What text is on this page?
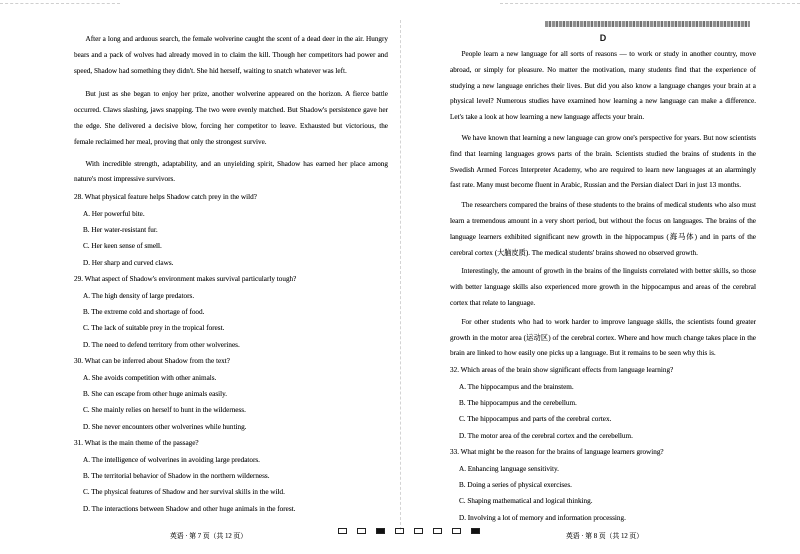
After a long and arduous search, the female wolverine caught the scent of a dead deer in the air. Hungry bears and a pack of wolves had already moved in to claim the kill. Though her competitors had power and speed, Shadow had something they didn't. She hid herself, waiting to snatch whatever was left.

But just as she began to enjoy her prize, another wolverine appeared on the horizon. A fierce battle occurred. Claws slashing, jaws snapping. The two were evenly matched. But Shadow's persistence gave her the edge. She delivered a decisive blow, forcing her competitor to leave. Exhausted but victorious, the female reclaimed her meal, proving that only the strongest survive.

With incredible strength, adaptability, and an unyielding spirit, Shadow has earned her place among nature's most impressive survivors.

28. What physical feature helps Shadow catch prey in the wild?

A. Her powerful bite.

B. Her water-resistant fur.

C. Her keen sense of smell.

D. Her sharp and curved claws.

29. What aspect of Shadow's environment makes survival particularly tough?

A. The high density of large predators.

B. The extreme cold and shortage of food.

C. The lack of suitable prey in the tropical forest.

D. The need to defend territory from other wolverines.

30. What can be inferred about Shadow from the text?

A. She avoids competition with other animals.

B. She can escape from other huge animals easily.

C. She mainly relies on herself to hunt in the wilderness.

D. She never encounters other wolverines while hunting.

31. What is the main theme of the passage?

A. The intelligence of wolverines in avoiding large predators.

B. The territorial behavior of Shadow in the northern wilderness.

C. The physical features of Shadow and her survival skills in the wild.

D. The interactions between Shadow and other huge animals in the forest.

英语 · 第 7 页（共 12 页）

D

People learn a new language for all sorts of reasons — to work or study in another country, move abroad, or simply for pleasure. No matter the motivation, many students find that the experience of studying a new language enriches their lives. But did you also know a language changes your brain at a physical level? Numerous studies have examined how learning a new language can make a difference. Let's take a look at how learning a new language affects your brain.

We have known that learning a new language can grow one's perspective for years. But now scientists find that learning languages grows parts of the brain. Scientists studied the brains of students in the Swedish Armed Forces Interpreter Academy, who are required to learn new languages at an alarmingly fast rate. Many must become fluent in Arabic, Russian and the Persian dialect Dari in just 13 months.

The researchers compared the brains of these students to the brains of medical students who also must learn a tremendous amount in a very short period, but without the focus on languages. The brains of the language learners exhibited significant new growth in the hippocampus (海马体) and in parts of the cerebral cortex (大脑皮质). The medical students' brains showed no observed growth.

Interestingly, the amount of growth in the brains of the linguists correlated with better skills, so those with better language skills also experienced more growth in the hippocampus and areas of the cerebral cortex that relate to language.

For other students who had to work harder to improve language skills, the scientists found greater growth in the motor area (运动区) of the cerebral cortex. Where and how much change takes place in the brain are linked to how easily one picks up a language. But it remains to be seen why this is.

32. Which areas of the brain show significant effects from language learning?

A. The hippocampus and the brainstem.

B. The hippocampus and the cerebellum.

C. The hippocampus and parts of the cerebral cortex.

D. The motor area of the cerebral cortex and the cerebellum.

33. What might be the reason for the brains of language learners growing?

A. Enhancing language sensitivity.

B. Doing a series of physical exercises.

C. Shaping mathematical and logical thinking.

D. Involving a lot of memory and information processing.

英语 · 第 8 页（共 12 页）
